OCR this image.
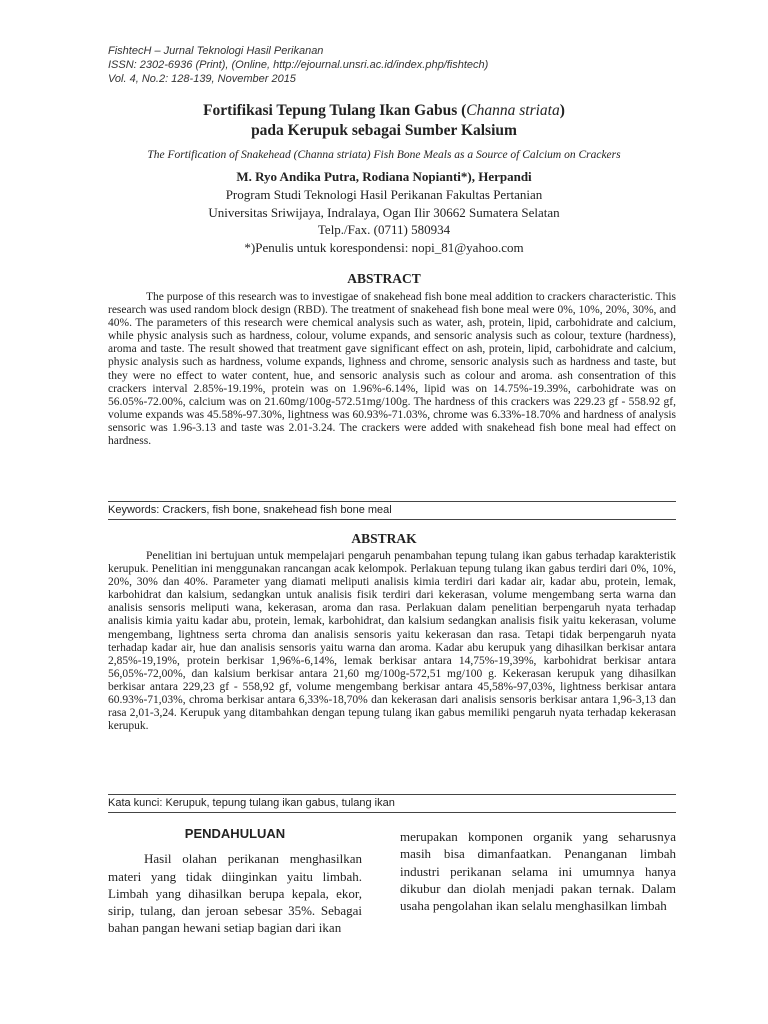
FishtecH – Jurnal Teknologi Hasil Perikanan
ISSN: 2302-6936 (Print), (Online, http://ejournal.unsri.ac.id/index.php/fishtech)
Vol. 4, No.2: 128-139, November 2015
Fortifikasi Tepung Tulang Ikan Gabus (Channa striata)
pada Kerupuk sebagai Sumber Kalsium
The Fortification of Snakehead (Channa striata) Fish Bone Meals as a Source of Calcium on Crackers
M. Ryo Andika Putra, Rodiana Nopianti*), Herpandi
Program Studi Teknologi Hasil Perikanan Fakultas Pertanian
Universitas Sriwijaya, Indralaya, Ogan Ilir 30662 Sumatera Selatan
Telp./Fax. (0711) 580934
*)Penulis untuk korespondensi: nopi_81@yahoo.com
ABSTRACT
The purpose of this research was to investigae of snakehead fish bone meal addition to crackers characteristic. This research was used random block design (RBD). The treatment of snakehead fish bone meal were 0%, 10%, 20%, 30%, and 40%. The parameters of this research were chemical analysis such as water, ash, protein, lipid, carbohidrate and calcium, while physic analysis such as hardness, colour, volume expands, and sensoric analysis such as colour, texture (hardness), aroma and taste. The result showed that treatment gave significant effect on ash, protein, lipid, carbohidrate and calcium, physic analysis such as hardness, volume expands, lighness and chrome, sensoric analysis such as hardness and taste, but they were no effect to water content, hue, and sensoric analysis such as colour and aroma. ash consentration of this crackers interval 2.85%-19.19%, protein was on 1.96%-6.14%, lipid was on 14.75%-19.39%, carbohidrate was on 56.05%-72.00%, calcium was on 21.60mg/100g-572.51mg/100g. The hardness of this crackers was 229.23 gf - 558.92 gf, volume expands was 45.58%-97.30%, lightness was 60.93%-71.03%, chrome was 6.33%-18.70% and hardness of analysis sensoric was 1.96-3.13 and taste was 2.01-3.24. The crackers were added with snakehead fish bone meal had effect on hardness.
Keywords: Crackers, fish bone, snakehead fish bone meal
ABSTRAK
Penelitian ini bertujuan untuk mempelajari pengaruh penambahan tepung tulang ikan gabus terhadap karakteristik kerupuk. Penelitian ini menggunakan rancangan acak kelompok. Perlakuan tepung tulang ikan gabus terdiri dari 0%, 10%, 20%, 30% dan 40%. Parameter yang diamati meliputi analisis kimia terdiri dari kadar air, kadar abu, protein, lemak, karbohidrat dan kalsium, sedangkan untuk analisis fisik terdiri dari kekerasan, volume mengembang serta warna dan analisis sensoris meliputi wana, kekerasan, aroma dan rasa. Perlakuan dalam penelitian berpengaruh nyata terhadap analisis kimia yaitu kadar abu, protein, lemak, karbohidrat, dan kalsium sedangkan analisis fisik yaitu kekerasan, volume mengembang, lightness serta chroma dan analisis sensoris yaitu kekerasan dan rasa. Tetapi tidak berpengaruh nyata terhadap kadar air, hue dan analisis sensoris yaitu warna dan aroma. Kadar abu kerupuk yang dihasilkan berkisar antara 2,85%-19,19%, protein berkisar 1,96%-6,14%, lemak berkisar antara 14,75%-19,39%, karbohidrat berkisar antara 56,05%-72,00%, dan kalsium berkisar antara 21,60 mg/100g-572,51 mg/100 g. Kekerasan kerupuk yang dihasilkan berkisar antara 229,23 gf - 558,92 gf, volume mengembang berkisar antara 45,58%-97,03%, lightness berkisar antara 60.93%-71,03%, chroma berkisar antara 6,33%-18,70% dan kekerasan dari analisis sensoris berkisar antara 1,96-3,13 dan rasa 2,01-3,24. Kerupuk yang ditambahkan dengan tepung tulang ikan gabus memiliki pengaruh nyata terhadap kekerasan kerupuk.
Kata kunci: Kerupuk, tepung tulang ikan gabus, tulang ikan
PENDAHULUAN
Hasil olahan perikanan menghasilkan materi yang tidak diinginkan yaitu limbah. Limbah yang dihasilkan berupa kepala, ekor, sirip, tulang, dan jeroan sebesar 35%. Sebagai bahan pangan hewani setiap bagian dari ikan
merupakan komponen organik yang seharusnya masih bisa dimanfaatkan. Penanganan limbah industri perikanan selama ini umumnya hanya dikubur dan diolah menjadi pakan ternak. Dalam usaha pengolahan ikan selalu menghasilkan limbah
